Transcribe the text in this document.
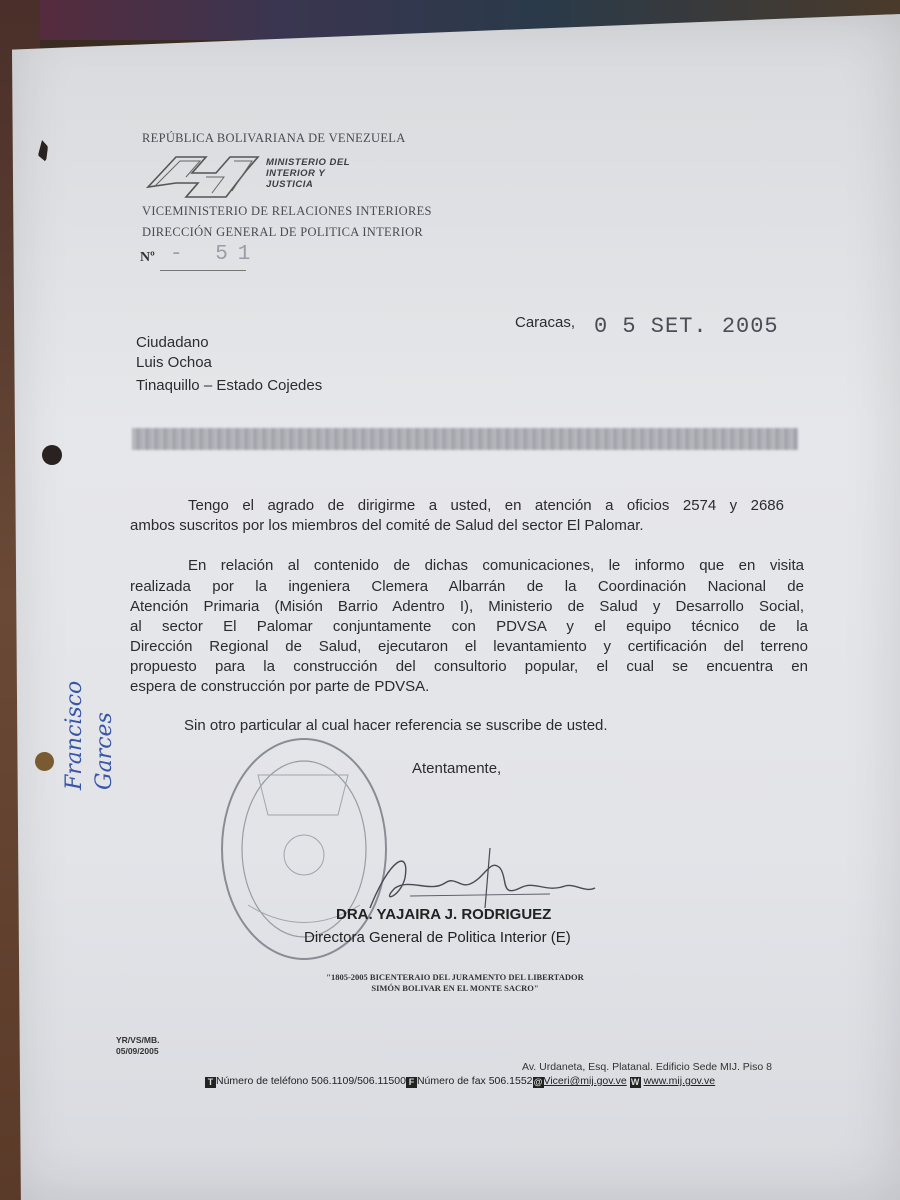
REPÚBLICA BOLIVARIANA DE VENEZUELA
MINISTERIO DEL
INTERIOR Y
JUSTICIA
VICEMINISTERIO DE RELACIONES INTERIORES
DIRECCIÓN GENERAL DE POLITICA INTERIOR
Nº - 51
Caracas, 0 5 SET. 2005
Ciudadano
Luis Ochoa
Tinaquillo – Estado Cojedes
Tengo el agrado de dirigirme a usted, en atención a oficios 2574 y 2686
ambos suscritos por los miembros del comité de Salud del sector El Palomar.
En relación al contenido de dichas comunicaciones, le informo que en visita
realizada por la ingeniera Clemera Albarrán de la Coordinación Nacional de
Atención Primaria (Misión Barrio Adentro I), Ministerio de Salud y Desarrollo Social,
al sector El Palomar conjuntamente con PDVSA y el equipo técnico de la
Dirección Regional de Salud, ejecutaron el levantamiento y certificación del terreno
propuesto para la construcción del consultorio popular, el cual se encuentra en
espera de construcción por parte de PDVSA.
Sin otro particular al cual hacer referencia se suscribe de usted.
Atentamente,
DRA. YAJAIRA J. RODRIGUEZ
Directora General de Politica Interior (E)
"1805-2005 BICENTERAIO DEL JURAMENTO DEL LIBERTADOR
SIMÓN BOLIVAR EN EL MONTE SACRO"
YR/VS/MB.
05/09/2005
Av. Urdaneta, Esq. Platanal. Edificio Sede MIJ. Piso 8
T Número de teléfono 506.1109/506.11500 F Número de fax 506.1552@Viceri@mij.gov.ve W www.mij.gov.ve
Francisco Garces
